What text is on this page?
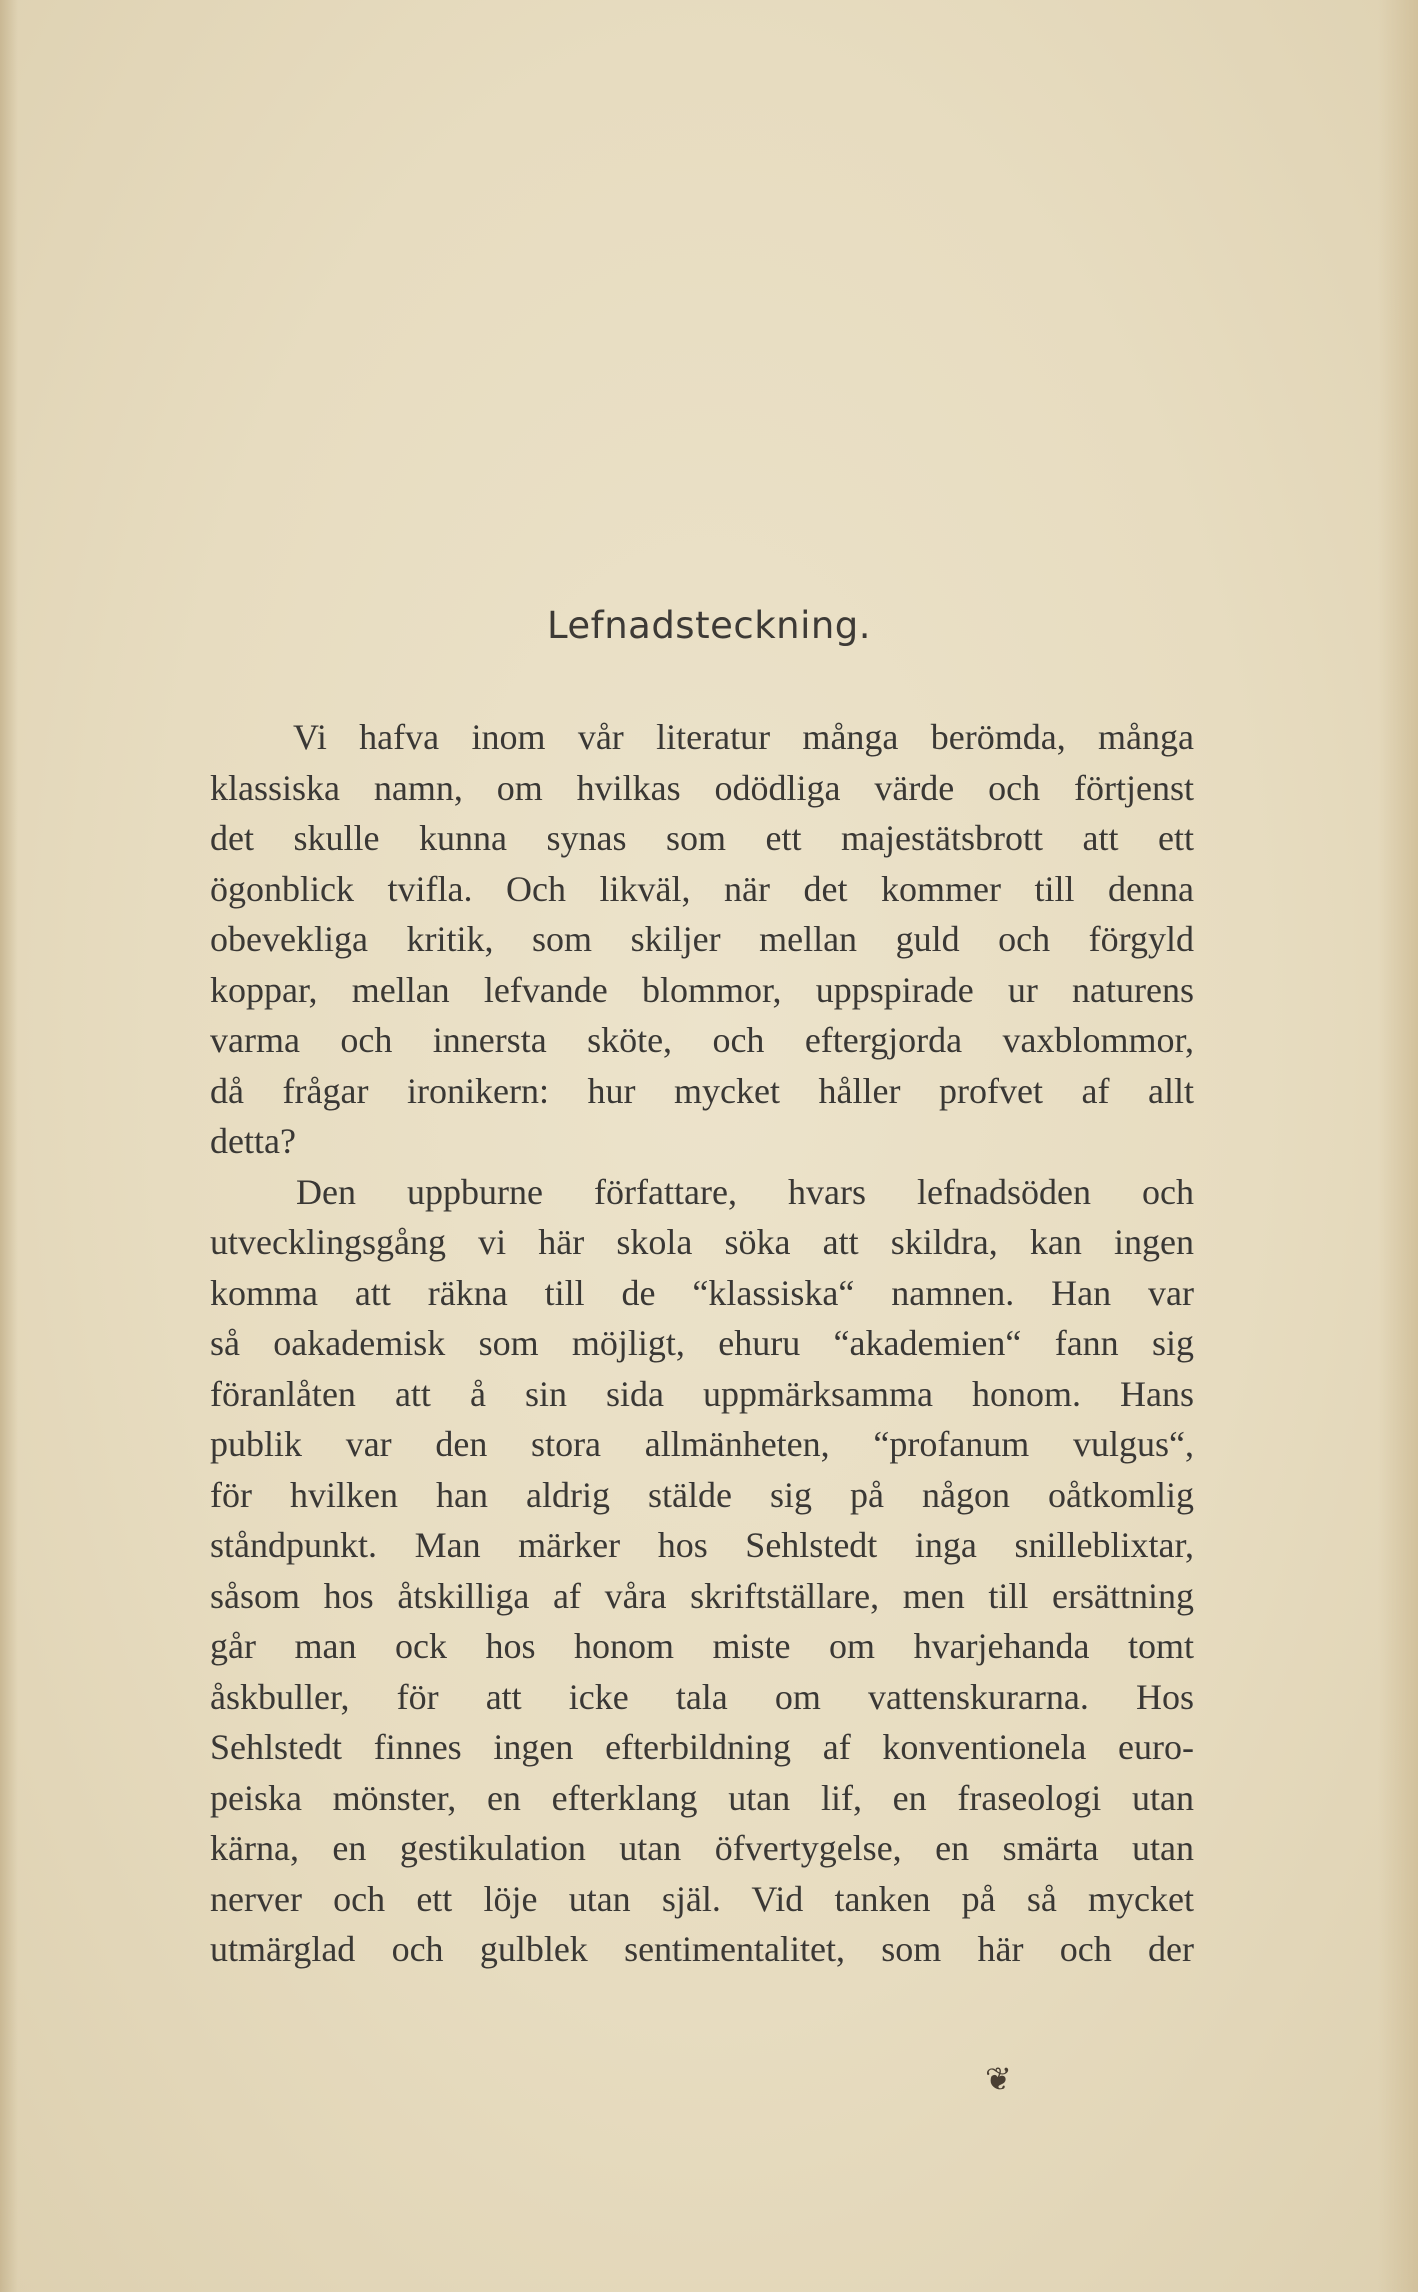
Lefnadsteckning.
Vi hafva inom vår literatur många berömda, många
klassiska namn, om hvilkas odödliga värde och förtjenst
det skulle kunna synas som ett majestätsbrott att ett
ögonblick tvifla. Och likväl, när det kommer till denna
obevekliga kritik, som skiljer mellan guld och förgyld
koppar, mellan lefvande blommor, uppspirade ur naturens
varma och innersta sköte, och eftergjorda vaxblommor,
då frågar ironikern: hur mycket håller profvet af allt
detta?
Den uppburne författare, hvars lefnadsöden och
utvecklingsgång vi här skola söka att skildra, kan ingen
komma att räkna till de “klassiska“ namnen. Han var
så oakademisk som möjligt, ehuru “akademien“ fann sig
föranlåten att å sin sida uppmärksamma honom. Hans
publik var den stora allmänheten, “profanum vulgus“,
för hvilken han aldrig stälde sig på någon oåtkomlig
ståndpunkt. Man märker hos Sehlstedt inga snilleblixtar,
såsom hos åtskilliga af våra skriftställare, men till ersättning
går man ock hos honom miste om hvarjehanda tomt
åskbuller, för att icke tala om vattenskurarna. Hos
Sehlstedt finnes ingen efterbildning af konventionela euro-
peiska mönster, en efterklang utan lif, en fraseologi utan
kärna, en gestikulation utan öfvertygelse, en smärta utan
nerver och ett löje utan själ. Vid tanken på så mycket
utmärglad och gulblek sentimentalitet, som här och der
❦
